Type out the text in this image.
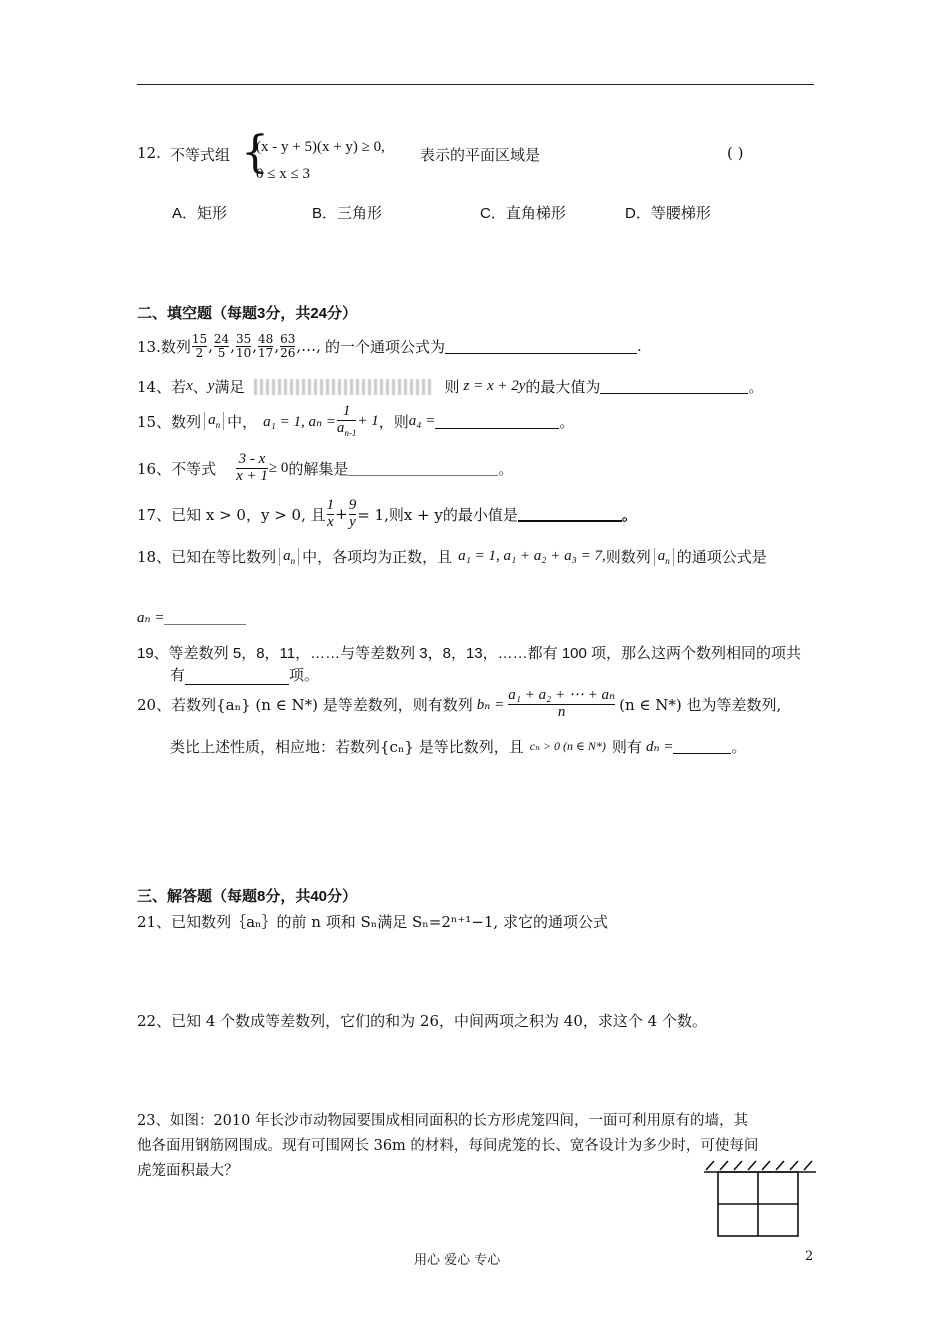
12. 不等式组 {
(x - y + 5)(x + y) ≥ 0,
0 ≤ x ≤ 3
表示的平面区域是	( )
A．矩形	B．三角形	C．直角梯形	D．等腰梯形
二、填空题（每题3分，共24分）
13.数列 $\frac{15}{2}$ , $\frac{24}{5}$ , $\frac{35}{10}$ , $\frac{48}{17}$ , $\frac{63}{26}$ ,…, 的一个通项公式为	.
14、若 x 、 y 满足	则 z = x + 2y 的最大值为	。
15、数列 $a_n$ 中， a₁ = 1, $a_n = \frac{1}{a_{n-1}} + 1$ ，则 a₄ =	。
16、不等式 $\frac{3 - x}{x + 1} \ge 0$ 的解集是	。
17、已知 x > 0，y > 0, 且 $\frac{1}{x} + \frac{9}{y} = 1$,则x + y的最小值是	。
18、已知在等比数列 $a_n$ 中，各项均为正数，且 a₁ = 1, a₁ + a₂ + a₃ = 7, 则数列 $a_n$ 的通项公式是
aₙ =
19、等差数列 5，8，11，……与等差数列 3，8，13，……都有 100 项，那么这两个数列相同的项共
有	项。
20、若数列{aₙ} (n ∈ N*) 是等差数列，则有数列 $b_n = \frac{\text{a₁ + a₂ + ⋯ + aₙ}}{n} (n$ ∈ N*) 也为等差数列,
类比上述性质，相应地：若数列{cₙ} 是等比数列，且 cₙ > 0 (n ∈ N*) 则有 dₙ =	。
三、解答题（每题8分，共40分）
21、已知数列｛aₙ｝的前 n 项和 Sₙ满足 Sₙ=2ⁿ⁺¹−1, 求它的通项公式
22、已知 4 个数成等差数列，它们的和为 26，中间两项之积为 40，求这个 4 个数。
23、如图：2010 年长沙市动物园要围成相同面积的长方形虎笼四间，一面可利用原有的墙，其
他各面用钢筋网围成。现有可围网长 36m 的材料，每间虎笼的长、宽各设计为多少时，可使每间
虎笼面积最大？
用心 爱心 专心	2
